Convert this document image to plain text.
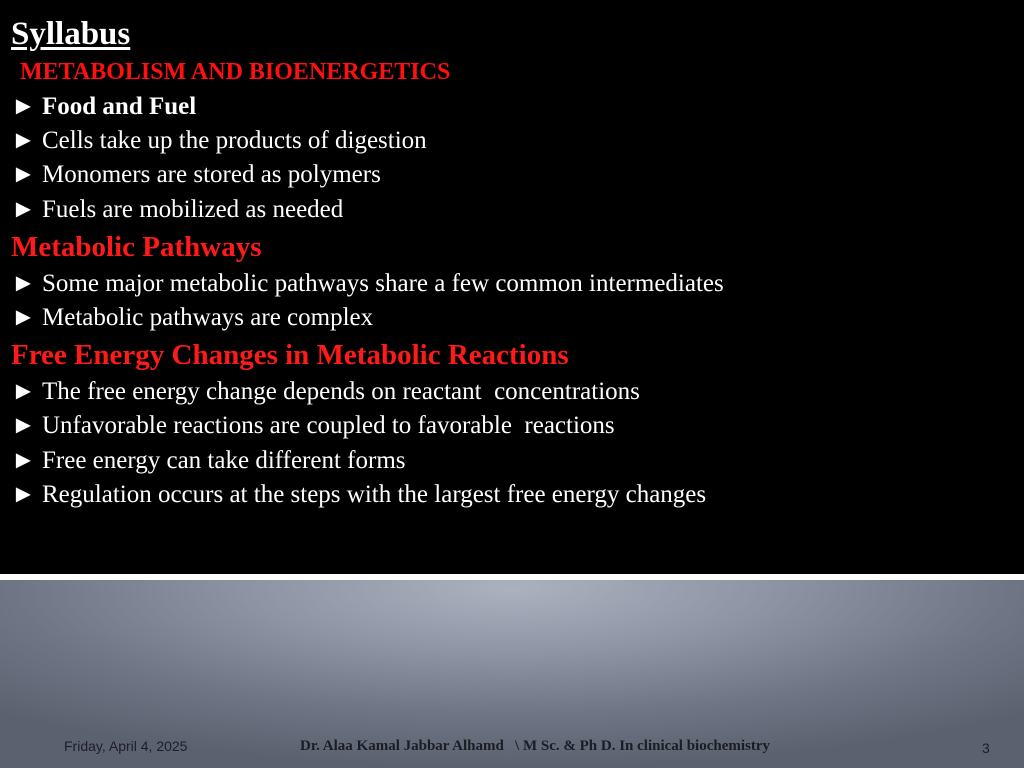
Syllabus
METABOLISM AND BIOENERGETICS
► Food and Fuel
► Cells take up the products of digestion
► Monomers are stored as polymers
► Fuels are mobilized as needed
Metabolic Pathways
► Some major metabolic pathways share a few common intermediates
► Metabolic pathways are complex
Free Energy Changes in Metabolic Reactions
► The free energy change depends on reactant  concentrations
► Unfavorable reactions are coupled to favorable  reactions
► Free energy can take different forms
► Regulation occurs at the steps with the largest free energy changes
Friday, April 4, 2025	Dr. Alaa Kamal Jabbar Alhamd   \ M Sc. & Ph D. In clinical biochemistry	3
